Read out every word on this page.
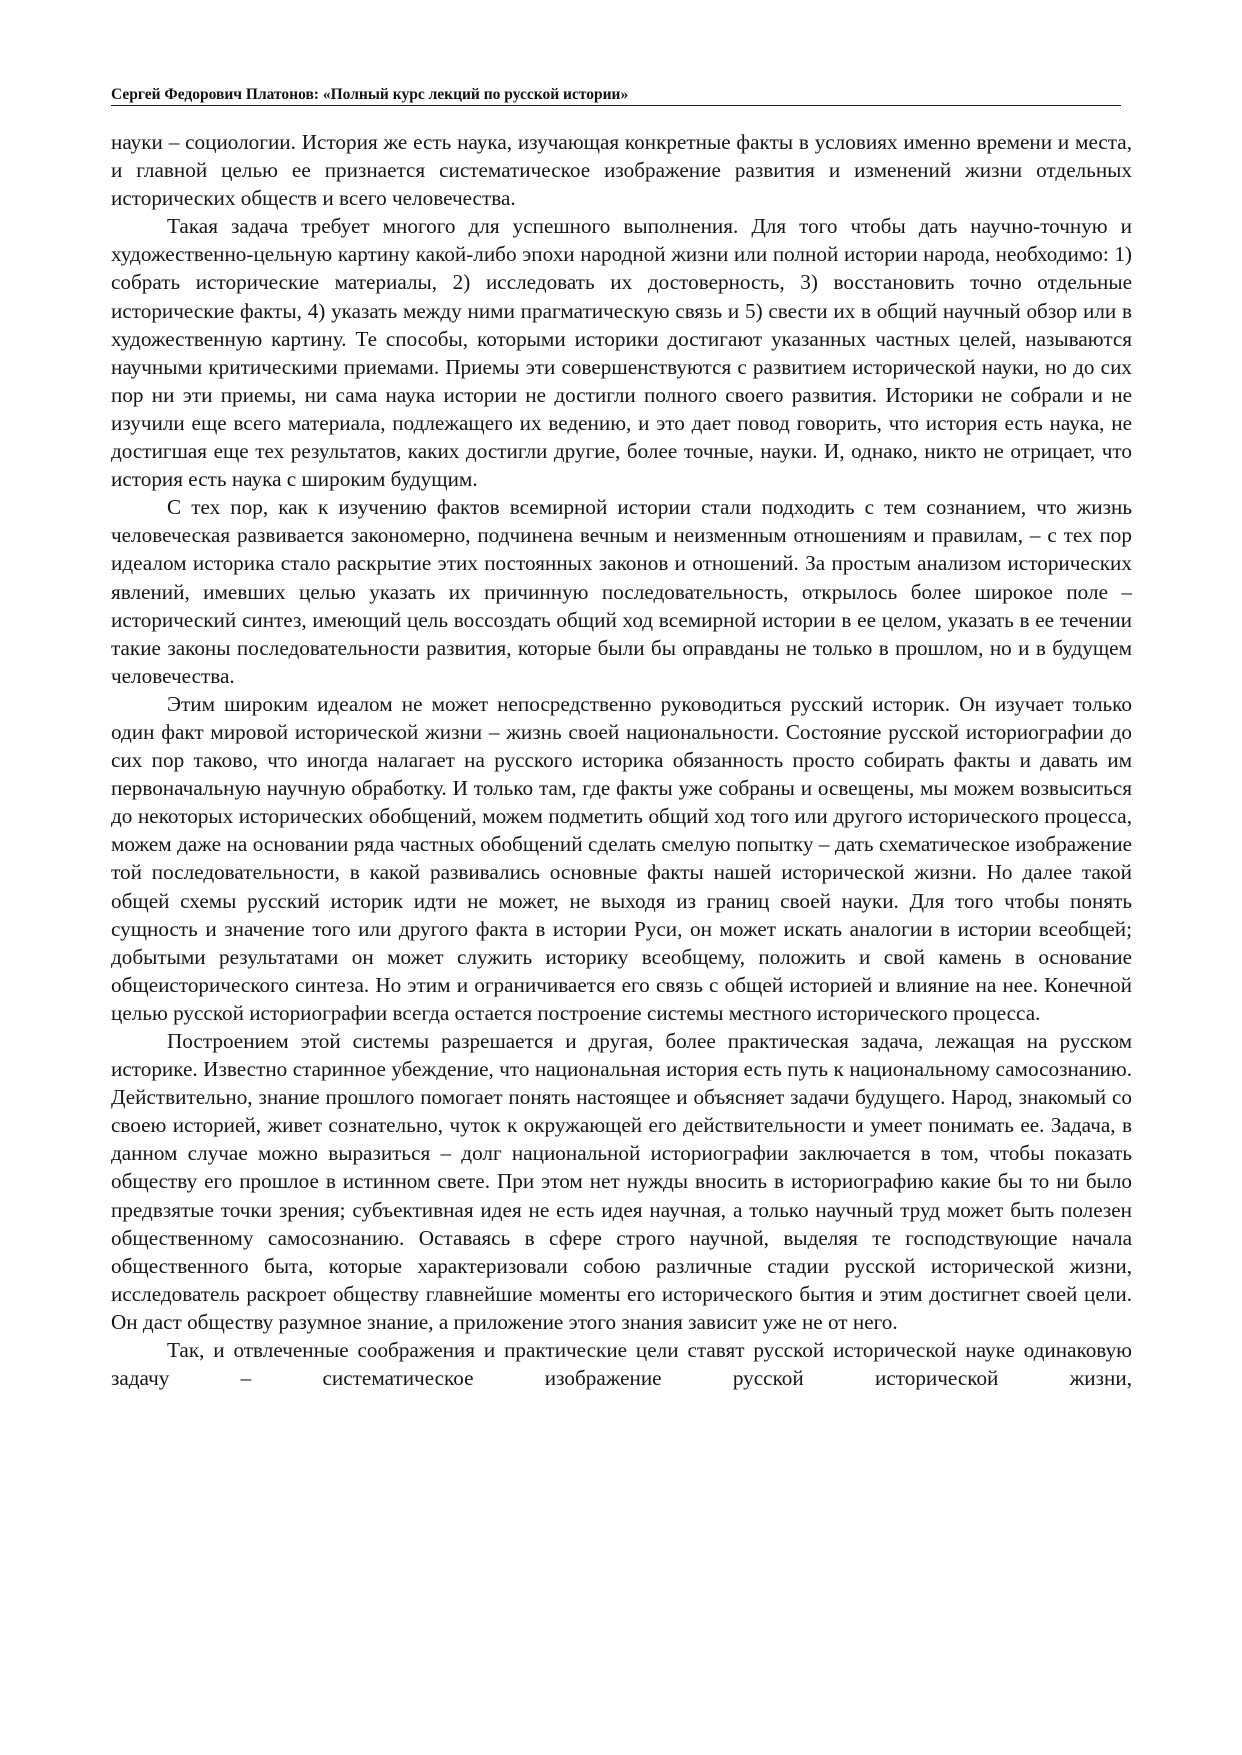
Сергей Федорович Платонов: «Полный курс лекций по русской истории»

науки – социологии. История же есть наука, изучающая конкретные факты в условиях именно времени и места, и главной целью ее признается систематическое изображение развития и изменений жизни отдельных исторических обществ и всего человечества.

Такая задача требует многого для успешного выполнения. Для того чтобы дать научно-точную и художественно-цельную картину какой-либо эпохи народной жизни или полной истории народа, необходимо: 1) собрать исторические материалы, 2) исследовать их достоверность, 3) восстановить точно отдельные исторические факты, 4) указать между ними прагматическую связь и 5) свести их в общий научный обзор или в художественную картину. Те способы, которыми историки достигают указанных частных целей, называются научными критическими приемами. Приемы эти совершенствуются с развитием исторической науки, но до сих пор ни эти приемы, ни сама наука истории не достигли полного своего развития. Историки не собрали и не изучили еще всего материала, подлежащего их ведению, и это дает повод говорить, что история есть наука, не достигшая еще тех результатов, каких достигли другие, более точные, науки. И, однако, никто не отрицает, что история есть наука с широким будущим.

С тех пор, как к изучению фактов всемирной истории стали подходить с тем сознанием, что жизнь человеческая развивается закономерно, подчинена вечным и неизменным отношениям и правилам, – с тех пор идеалом историка стало раскрытие этих постоянных законов и отношений. За простым анализом исторических явлений, имевших целью указать их причинную последовательность, открылось более широкое поле – исторический синтез, имеющий цель воссоздать общий ход всемирной истории в ее целом, указать в ее течении такие законы последовательности развития, которые были бы оправданы не только в прошлом, но и в будущем человечества.

Этим широким идеалом не может непосредственно руководиться русский историк. Он изучает только один факт мировой исторической жизни – жизнь своей национальности. Состояние русской историографии до сих пор таково, что иногда налагает на русского историка обязанность просто собирать факты и давать им первоначальную научную обработку. И только там, где факты уже собраны и освещены, мы можем возвыситься до некоторых исторических обобщений, можем подметить общий ход того или другого исторического процесса, можем даже на основании ряда частных обобщений сделать смелую попытку – дать схематическое изображение той последовательности, в какой развивались основные факты нашей исторической жизни. Но далее такой общей схемы русский историк идти не может, не выходя из границ своей науки. Для того чтобы понять сущность и значение того или другого факта в истории Руси, он может искать аналогии в истории всеобщей; добытыми результатами он может служить историку всеобщему, положить и свой камень в основание общеисторического синтеза. Но этим и ограничивается его связь с общей историей и влияние на нее. Конечной целью русской историографии всегда остается построение системы местного исторического процесса.

Построением этой системы разрешается и другая, более практическая задача, лежащая на русском историке. Известно старинное убеждение, что национальная история есть путь к национальному самосознанию. Действительно, знание прошлого помогает понять настоящее и объясняет задачи будущего. Народ, знакомый со своею историей, живет сознательно, чуток к окружающей его действительности и умеет понимать ее. Задача, в данном случае можно выразиться – долг национальной историографии заключается в том, чтобы показать обществу его прошлое в истинном свете. При этом нет нужды вносить в историографию какие бы то ни было предвзятые точки зрения; субъективная идея не есть идея научная, а только научный труд может быть полезен общественному самосознанию. Оставаясь в сфере строго научной, выделяя те господствующие начала общественного быта, которые характеризовали собою различные стадии русской исторической жизни, исследователь раскроет обществу главнейшие моменты его исторического бытия и этим достигнет своей цели. Он даст обществу разумное знание, а приложение этого знания зависит уже не от него.

Так, и отвлеченные соображения и практические цели ставят русской исторической науке одинаковую задачу – систематическое изображение русской исторической жизни,
